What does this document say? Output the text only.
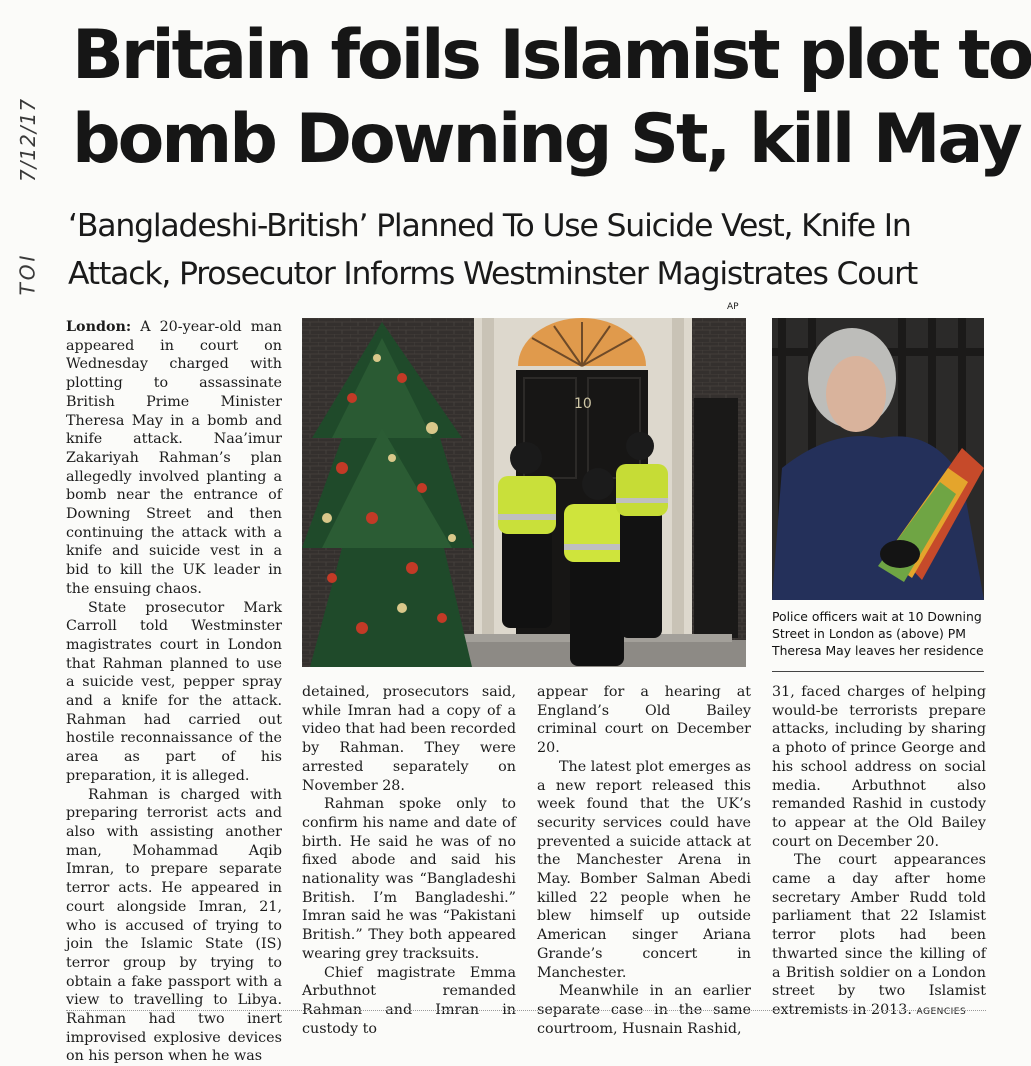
7/12/17
TOI
Britain foils Islamist plot to
bomb Downing St, kill May
‘Bangladeshi-British’ Planned To Use Suicide Vest, Knife In
Attack, Prosecutor Informs Westminster Magistrates Court
AP

London: A 20-year-old man appeared in court on Wednesday charged with plotting to assassinate British Prime Minister Theresa May in a bomb and knife attack. Naa’imur Zakariyah Rahman’s plan allegedly involved planting a bomb near the entrance of Downing Street and then continuing the attack with a knife and suicide vest in a bid to kill the UK leader in the ensuing chaos.

State prosecutor Mark Carroll told Westminster magistrates court in London that Rahman planned to use a suicide vest, pepper spray and a knife for the attack. Rahman had carried out hostile reconnaissance of the area as part of his preparation, it is alleged.

Rahman is charged with preparing terrorist acts and also with assisting another man, Mohammad Aqib Imran, to prepare separate terror acts. He appeared in court alongside Imran, 21, who is accused of trying to join the Islamic State (IS) terror group by trying to obtain a fake passport with a view to travelling to Libya. Rahman had two inert improvised explosive devices on his person when he was

10
Police officers wait at 10 Downing Street in London as (above) PM Theresa May leaves her residence

detained, prosecutors said, while Imran had a copy of a video that had been recorded by Rahman. They were arrested separately on November 28.

Rahman spoke only to confirm his name and date of birth. He said he was of no fixed abode and said his nationality was “Bangladeshi British. I’m Bangladeshi.” Imran said he was “Pakistani British.” They both appeared wearing grey tracksuits.

Chief magistrate Emma Arbuthnot remanded Rahman and Imran in custody to

appear for a hearing at England’s Old Bailey criminal court on December 20.

The latest plot emerges as a new report released this week found that the UK’s security services could have prevented a suicide attack at the Manchester Arena in May. Bomber Salman Abedi killed 22 people when he blew himself up outside American singer Ariana Grande’s concert in Manchester.

Meanwhile in an earlier separate case in the same courtroom, Husnain Rashid,

31, faced charges of helping would-be terrorists prepare attacks, including by sharing a photo of prince George and his school address on social media. Arbuthnot also remanded Rashid in custody to appear at the Old Bailey court on December 20.

The court appearances came a day after home secretary Amber Rudd told parliament that 22 Islamist terror plots had been thwarted since the killing of a British soldier on a London street by two Islamist extremists in 2013. AGENCIES
